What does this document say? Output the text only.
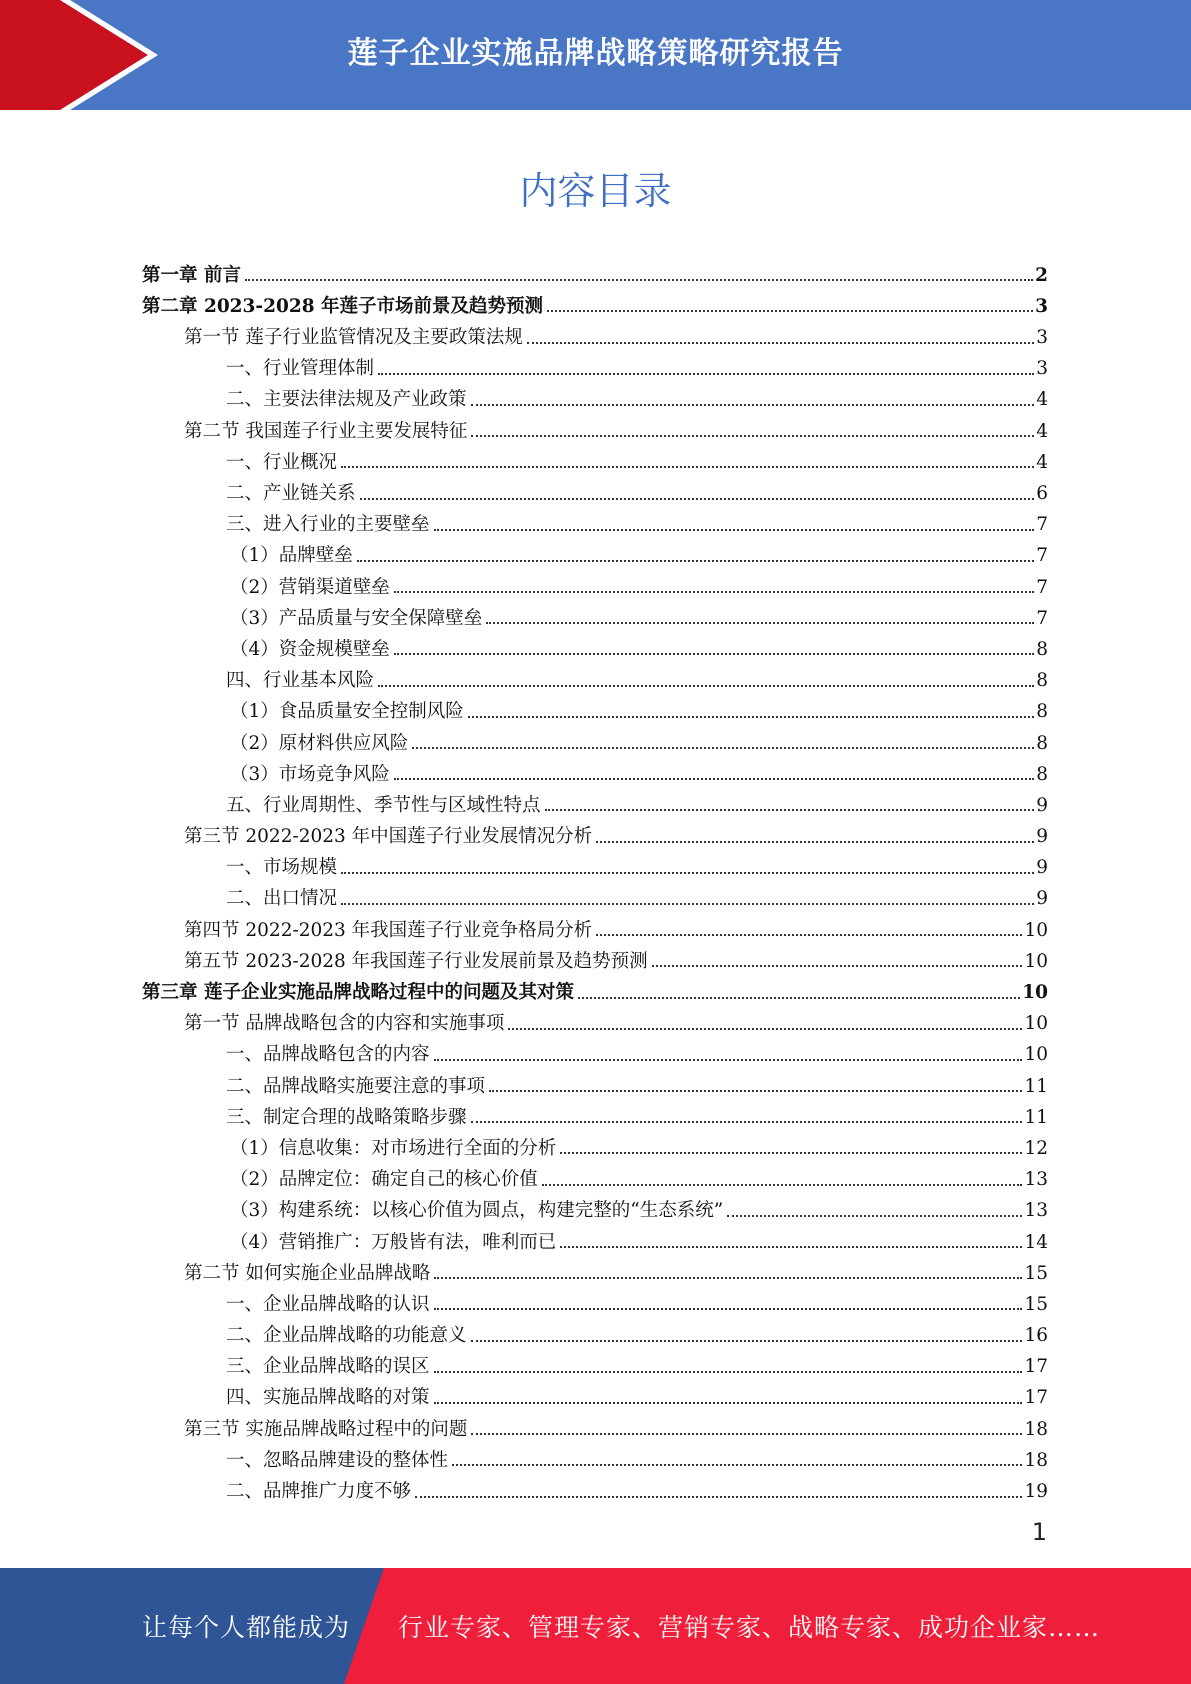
莲子企业实施品牌战略策略研究报告
内容目录
第一章 前言	2
第二章 2023-2028 年莲子市场前景及趋势预测	3
第一节 莲子行业监管情况及主要政策法规	3
一、行业管理体制	3
二、主要法律法规及产业政策	4
第二节 我国莲子行业主要发展特征	4
一、行业概况	4
二、产业链关系	6
三、进入行业的主要壁垒	7
（1）品牌壁垒	7
（2）营销渠道壁垒	7
（3）产品质量与安全保障壁垒	7
（4）资金规模壁垒	8
四、行业基本风险	8
（1）食品质量安全控制风险	8
（2）原材料供应风险	8
（3）市场竞争风险	8
五、行业周期性、季节性与区域性特点	9
第三节 2022-2023 年中国莲子行业发展情况分析	9
一、市场规模	9
二、出口情况	9
第四节 2022-2023 年我国莲子行业竞争格局分析	10
第五节 2023-2028 年我国莲子行业发展前景及趋势预测	10
第三章 莲子企业实施品牌战略过程中的问题及其对策	10
第一节 品牌战略包含的内容和实施事项	10
一、品牌战略包含的内容	10
二、品牌战略实施要注意的事项	11
三、制定合理的战略策略步骤	11
（1）信息收集：对市场进行全面的分析	12
（2）品牌定位：确定自己的核心价值	13
（3）构建系统：以核心价值为圆点，构建完整的“生态系统”	13
（4）营销推广：万般皆有法，唯利而已	14
第二节 如何实施企业品牌战略	15
一、企业品牌战略的认识	15
二、企业品牌战略的功能意义	16
三、企业品牌战略的误区	17
四、实施品牌战略的对策	17
第三节 实施品牌战略过程中的问题	18
一、忽略品牌建设的整体性	18
二、品牌推广力度不够	19
1
让每个人都能成为 行业专家、管理专家、营销专家、战略专家、成功企业家……
